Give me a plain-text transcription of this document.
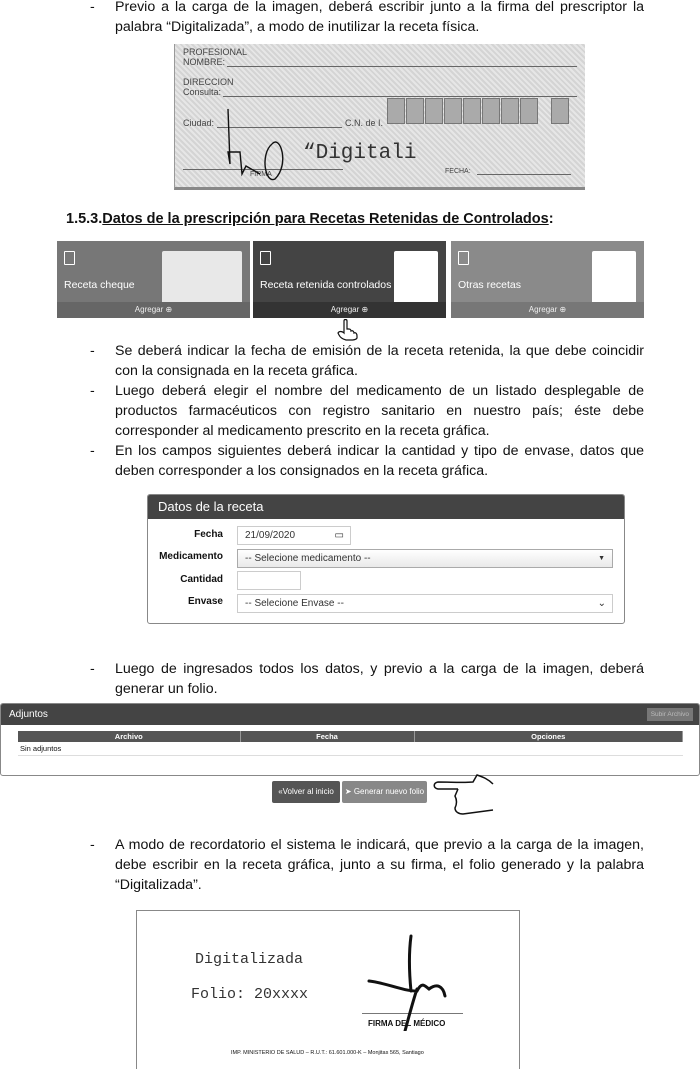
- Previo a la carga de la imagen, deberá escribir junto a la firma del prescriptor la palabra “Digitalizada”, a modo de inutilizar la receta física.
PROFESIONAL
NOMBRE:
DIRECCION
Consulta:
Ciudad:	C.N. de I.
“Digitali
FIRMA	FECHA:
1.5.3.Datos de la prescripción para Recetas Retenidas de Controlados:
Receta cheque
Agregar ⊕
Receta retenida controlados
Agregar ⊕
Otras recetas
Agregar ⊕
- Se deberá indicar la fecha de emisión de la receta retenida, la que debe coincidir con la consignada en la receta gráfica.
- Luego deberá elegir el nombre del medicamento de un listado desplegable de productos farmacéuticos con registro sanitario en nuestro país; éste debe corresponder al medicamento prescrito en la receta gráfica.
- En los campos siguientes deberá indicar la cantidad y tipo de envase, datos que deben corresponder a los consignados en la receta gráfica.
Datos de la receta
Fecha	21/09/2020	▭
Medicamento	-- Selecione medicamento --	▼
Cantidad
Envase	-- Selecione Envase --	⌄
- Luego de ingresados todos los datos, y previo a la carga de la imagen, deberá generar un folio.
Adjuntos	Subir Archivo
Archivo	Fecha	Opciones
Sin adjuntos
«Volver al inicio	➤ Generar nuevo folio
- A modo de recordatorio el sistema le indicará, que previo a la carga de la imagen, debe escribir en la receta gráfica, junto a su firma, el folio generado y la palabra “Digitalizada”.
Digitalizada
Folio: 20xxxx
FIRMA DEL MÉDICO
IMP. MINISTERIO DE SALUD – R.U.T.: 61.601.000-K – Monjitas 565, Santiago
